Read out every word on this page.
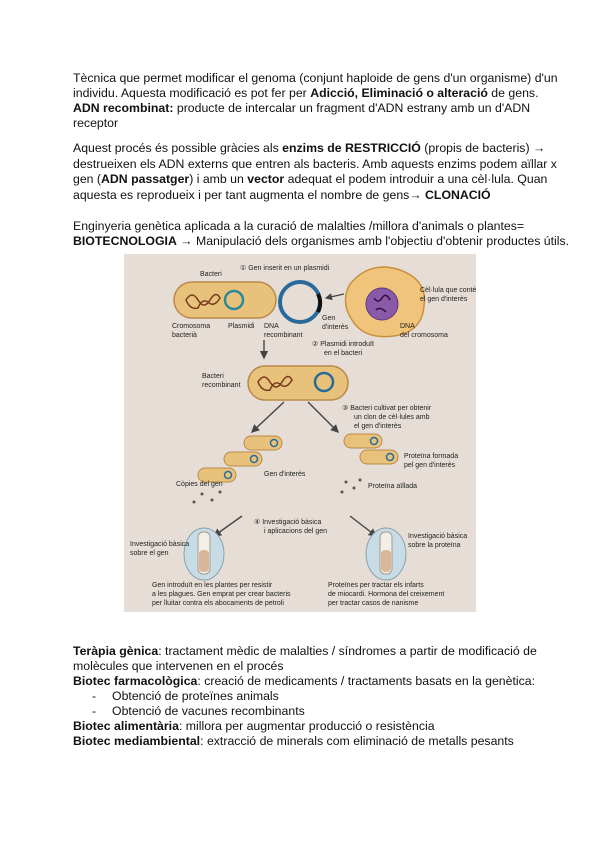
Tècnica que permet modificar el genoma (conjunt haploide de gens d'un organisme) d'un
individu. Aquesta modificació es pot fer per Adicció, Eliminació o alteració de gens.
ADN recombinat: producte de intercalar un fragment d'ADN estrany amb un d'ADN
receptor
Aquest procés és possible gràcies als enzims de RESTRICCIÓ (propis de bacteris) →
destrueixen els ADN externs que entren als bacteris. Amb aquests enzims podem aïllar x
gen (ADN passatger) i amb un vector adequat el podem introduir a una cèl·lula. Quan
aquesta es reprodueix i per tant augmenta el nombre de gens→ CLONACIÓ
Enginyeria genètica aplicada a la curació de malalties /millora d'animals o plantes=
BIOTECNOLOGIA → Manipulació dels organismes amb l'objectiu d'obtenir productes útils.
① Gen inserit en un plasmidi
Bacteri
Cromosoma
bacterià
Plasmidi DNA
recombinant
Gen
d'interès
Cèl·lula que conté
el gen d'interès
DNA
del cromosoma
② Plasmidi introduït
en el bacteri
Bacteri
recombinant
③ Bacteri cultivat per obtenir
un clon de cèl·lules amb
el gen d'interès
Gen d'interès
Proteïna formada
pel gen d'interès
Còpies del gen	Proteïna aïllada
④ Investigació bàsica
i aplicacions del gen
Investigació bàsica
sobre el gen
Investigació bàsica
sobre la proteïna
Gen introduït en les plantes per resistir
a les plagues. Gen emprat per crear bacteris
per lluitar contra els abocaments de petroli
Proteïnes per tractar els infarts
de miocardi. Hormona del creixement
per tractar casos de nanisme
Teràpia gènica: tractament mèdic de malalties / síndromes a partir de modificació de
molècules que intervenen en el procés
Biotec farmacològica: creació de medicaments / tractaments basats en la genètica:
- Obtenció de proteïnes animals
- Obtenció de vacunes recombinants
Biotec alimentària: millora per augmentar producció o resistència
Biotec mediambiental: extracció de minerals com eliminació de metalls pesants
